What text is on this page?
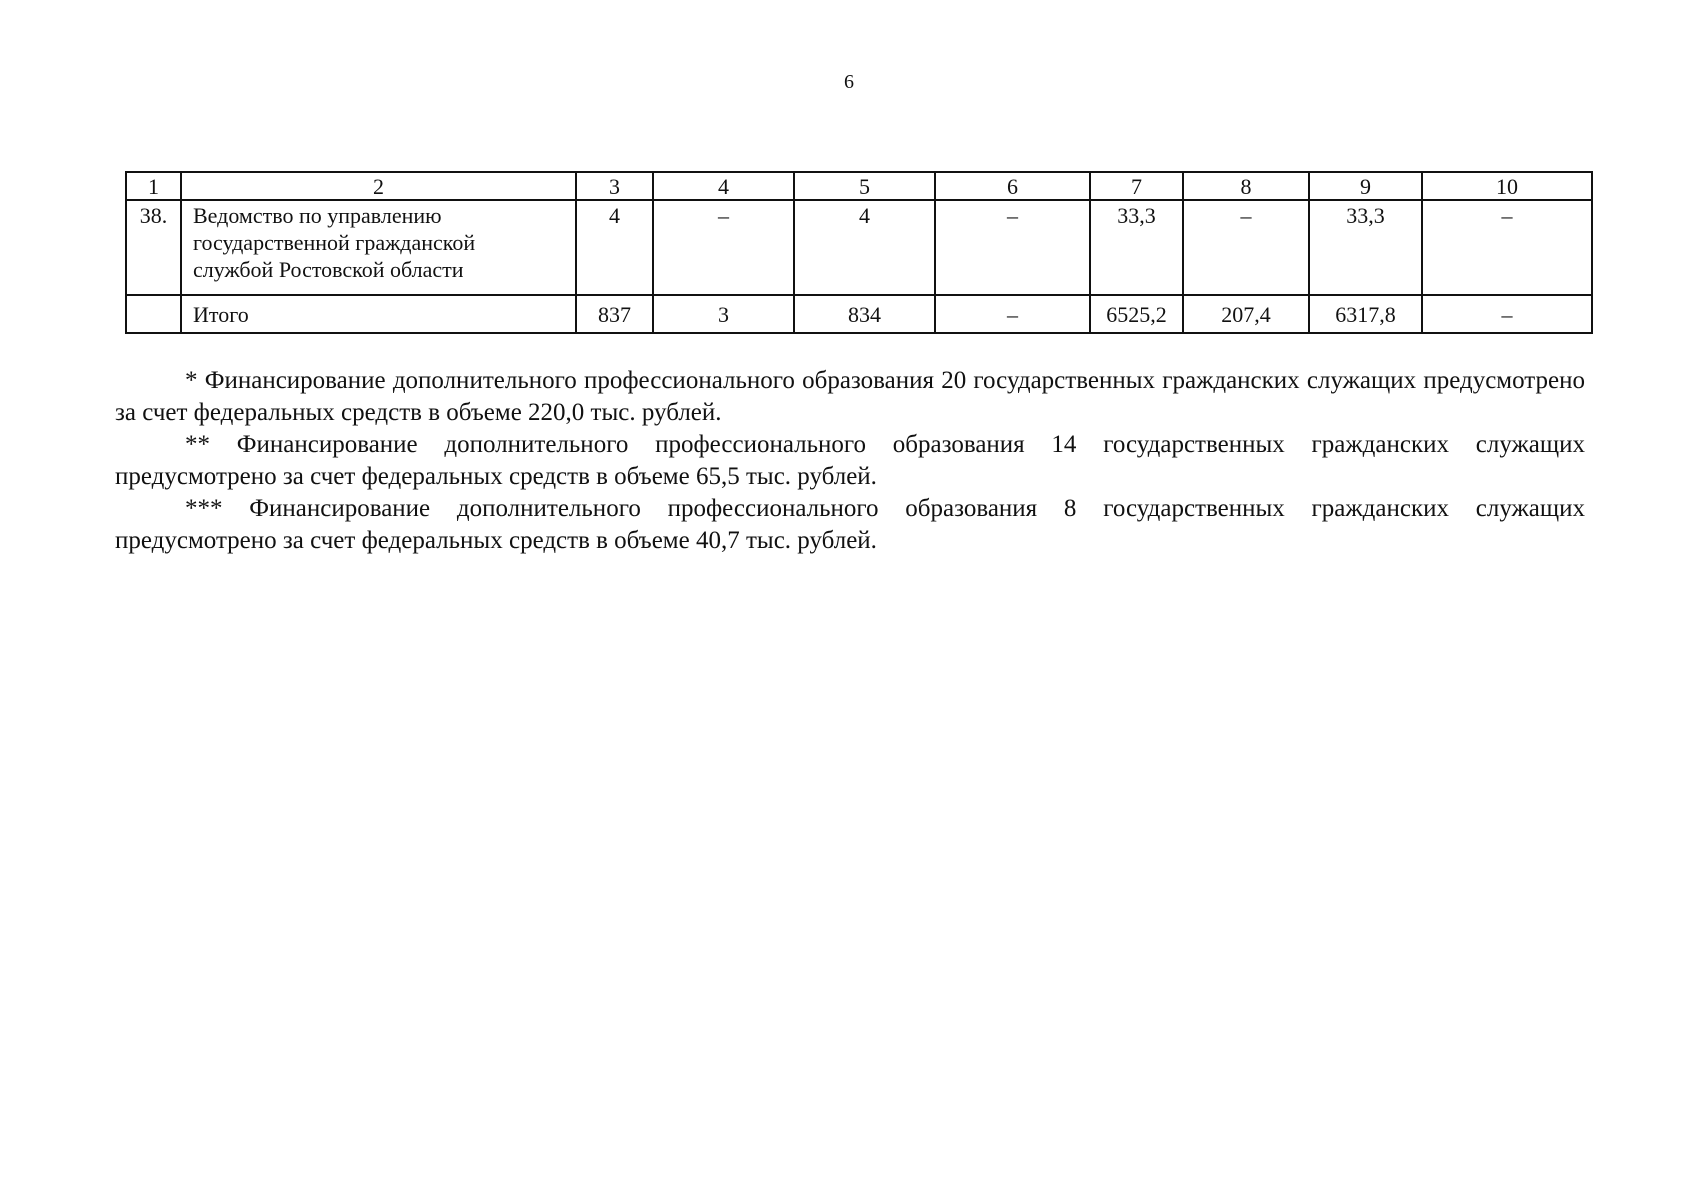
6
1	2	3	4	5	6	7	8	9	10
38.	Ведомство по управлению
государственной гражданской
службой Ростовской области	4	–	4	–	33,3	–	33,3	–
	Итого	837	3	834	–	6525,2	207,4	6317,8	–

* Финансирование дополнительного профессионального образования 20 государственных гражданских служащих предусмотрено за счет федеральных средств в объеме 220,0 тыс. рублей.

** Финансирование дополнительного профессионального образования 14 государственных гражданских служащих предусмотрено за счет федеральных средств в объеме 65,5 тыс. рублей.

*** Финансирование дополнительного профессионального образования 8 государственных гражданских служащих предусмотрено за счет федеральных средств в объеме 40,7 тыс. рублей.
